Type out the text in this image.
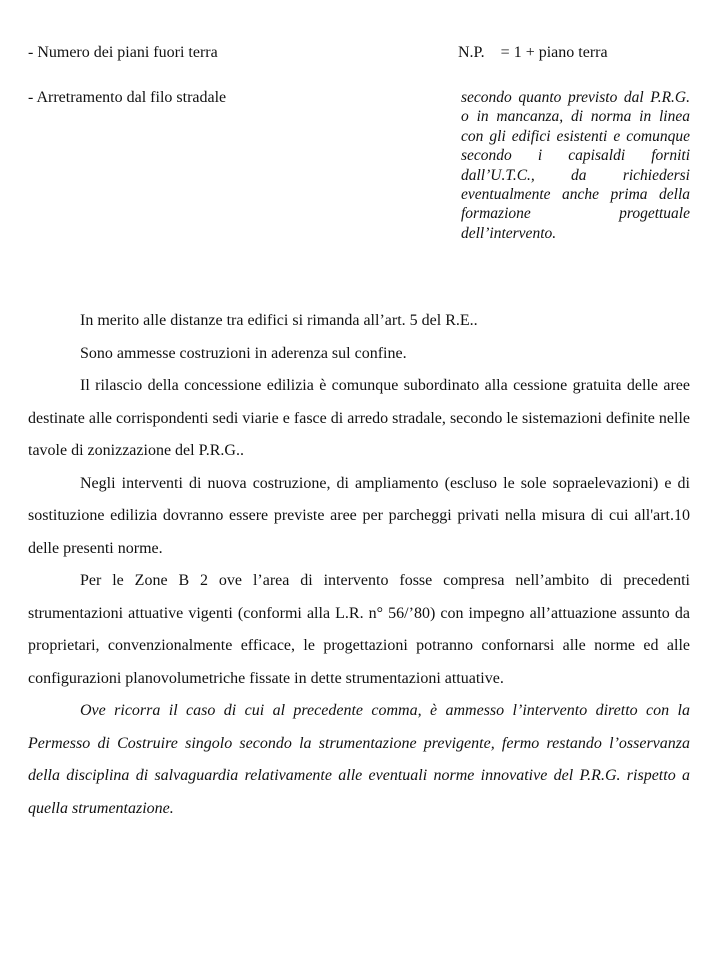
- Numero dei piani fuori terra	N.P.    = 1 + piano terra
- Arretramento dal filo stradale	secondo quanto previsto dal P.R.G. o in mancanza, di norma in linea con gli edifici esistenti e comunque secondo i capisaldi forniti dall’U.T.C., da richiedersi eventualmente anche prima della formazione progettuale dell’intervento.

In merito alle distanze tra edifici si rimanda all’art. 5 del R.E..

Sono ammesse costruzioni in aderenza sul confine.

Il rilascio della concessione edilizia è comunque subordinato alla cessione gratuita delle aree destinate alle corrispondenti sedi viarie e fasce di arredo stradale, secondo le sistemazioni definite nelle tavole di zonizzazione del P.R.G..

Negli interventi di nuova costruzione, di ampliamento (escluso le sole sopraelevazioni) e di sostituzione edilizia dovranno essere previste aree per parcheggi privati nella misura di cui all'art.10 delle presenti norme.

Per le Zone B 2 ove l’area di intervento fosse compresa nell’ambito di precedenti strumentazioni attuative vigenti (conformi alla L.R. n° 56/’80) con impegno all’attuazione assunto da proprietari, convenzionalmente efficace, le progettazioni potranno confornarsi alle norme ed alle configurazioni planovolumetriche fissate in dette strumentazioni attuative.

Ove ricorra il caso di cui al precedente comma, è ammesso l’intervento diretto con la Permesso di Costruire singolo secondo la strumentazione previgente, fermo restando l’osservanza della disciplina di salvaguardia relativamente alle eventuali norme innovative del P.R.G. rispetto a quella strumentazione.
